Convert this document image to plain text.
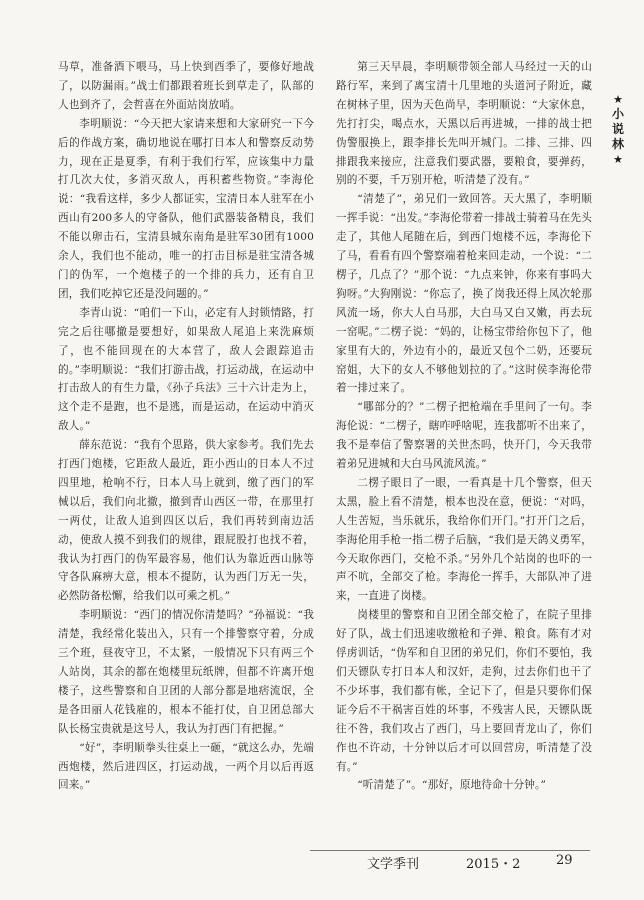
★
小
说
林
★

马草，准备酒下喂马，马上快到酉季了，要修好地战了，以防漏雨。”战士们都跟着班长到草走了，队部的人也到齐了，会哲喜在外面站岗放哨。

李明顺说：“今天把大家请来想和大家研究一下今后的作战方案，确切地说在哪打日本人和警察反动势力，现在正是夏季，有利于我们行军，应该集中力量打几次大仗，多消灭敌人，再积蓄些物资。”李海伦说：“我看这样，多少人都证实，宝清日本人驻军在小西山有200多人的守备队，他们武器装备精良，我们不能以卵击石，宝清县城东南角是驻军30团有1000余人，我们也不能动，唯一的打击目标是驻宝清各城门的伪军，一个炮楼子的一个排的兵力，还有自卫团，我们吃掉它还是没问题的。”

李青山说：“咱们一下山，必定有人封锁情路，打完之后往哪撤是要想好，如果敌人尾追上来洗麻烦了，也不能回现在的大本营了，敌人会跟踪追击的。”李明顺说：“我们打游击战，打运动战，在运动中打击敌人的有生力量，《孙子兵法》三十六计走为上，这个走不是跑，也不是逃，而是运动，在运动中消灭敌人。”

薛东范说：“我有个思路，供大家参考。我们先去打西门炮楼，它距敌人最近，距小西山的日本人不过四里地，枪响不行，日本人马上就到，缴了西门的军械以后，我们向北撤，撤到青山西区一带，在那里打一两仗，让敌人追到四区以后，我们再转到南边活动，使敌人摸不到我们的规律，跟屁股打也找不着，我认为打西门的伪军最容易，他们认为靠近西山脉等守各队麻痹大意，根本不提防，认为西门万无一失，必然防备松懈，给我们以可乘之机。”

李明顺说：“西门的情况你清楚吗？”孙福说：“我清楚，我经常化装出入，只有一个排警察守着，分成三个班，昼夜守卫，不太紧，一般情况下只有两三个人站岗，其余的都在炮楼里玩纸牌，但都不许离开炮楼子，这些警察和自卫团的人部分都是地痞流氓，全是各田丽人花钱雇的，根本不能打仗，自卫团总部大队长杨宝贵就是这号人，我认为打西门有把握。”

“好”，李明顺拳头往桌上一砸，“就这么办，先端西炮楼，然后进四区，打运动战，一两个月以后再返回来。”

第三天早晨，李明顺带领全部人马经过一天的山路行军，来到了离宝清十几里地的头道河子附近，藏在树林子里，因为天色尚早，李明顺说：“大家休息，先打打尖，喝点水，天黑以后再进城，一排的战士把伪警服换上，跟李排长先叫开城门。二排、三排、四排跟我来接应，注意我们要武器，要粮食，要弹药，别的不要，千万别开枪，听清楚了没有。”

“清楚了”，弟兄们一致回答。天大黑了，李明顺一挥手说：“出发。”李海伦带着一排战士骑着马在先头走了，其他人尾随在后，到西门炮楼不远，李海伦下了马，看看有四个警察端着枪来回走动，一个说：“二楞子，几点了？”那个说：“九点来钟，你来有事吗大狗呀。”大狗刚说：“你忘了，换了岗我还得上凤次轮那风流一场，你大人白马那，大白马又白又嫩，再去玩一窑呢。”二楞子说：“妈的，让杨宝带给你包下了，他家里有大的，外边有小的，最近又包个二奶，还要玩窑姐，大下的女人不够他划拉的了。”这时侯李海伦带着一排过来了。

“哪部分的？”二楞子把枪端在手里问了一句。李海伦说：“二楞子，瞎咋呼啥呢，连我都听不出来了，我不是奉信了警察署的关世杰吗，快开门，今天我带着弟兄进城和大白马风流风流。”

二楞子眼日了一眼，一看真是十几个警察，但天太黑，脸上看不清楚，根本也没在意，便说：“对吗，人生苦短，当乐就乐，我给你们开门。”打开门之后，李海伦用手枪一指二楞子后脑，“我们是天鸽义勇军，今天取你西门，交枪不杀。”另外几个站岗的也吓的一声不吭，全部交了枪。李海伦一挥手，大部队冲了进来，一直进了岗楼。

岗楼里的警察和自卫团全部交枪了，在院子里排好了队，战士们迅速收缴枪和子弹、粮食。陈有才对俘虏训话，“伪军和自卫团的弟兄们，你们不要怕，我们天镖队专打日本人和汉奸，走狗，过去你们也干了不少坏事，我们都有帐，全记下了，但是只要你们保证今后不干祸害百姓的坏事，不残害人民，天镖队既往不咎，我们攻占了西门，马上要回青龙山了，你们作也不许动，十分钟以后才可以回营房，听清楚了没有。”

“听清楚了”。“那好，原地待命十分钟。”

文学季刊	2015・2	29
